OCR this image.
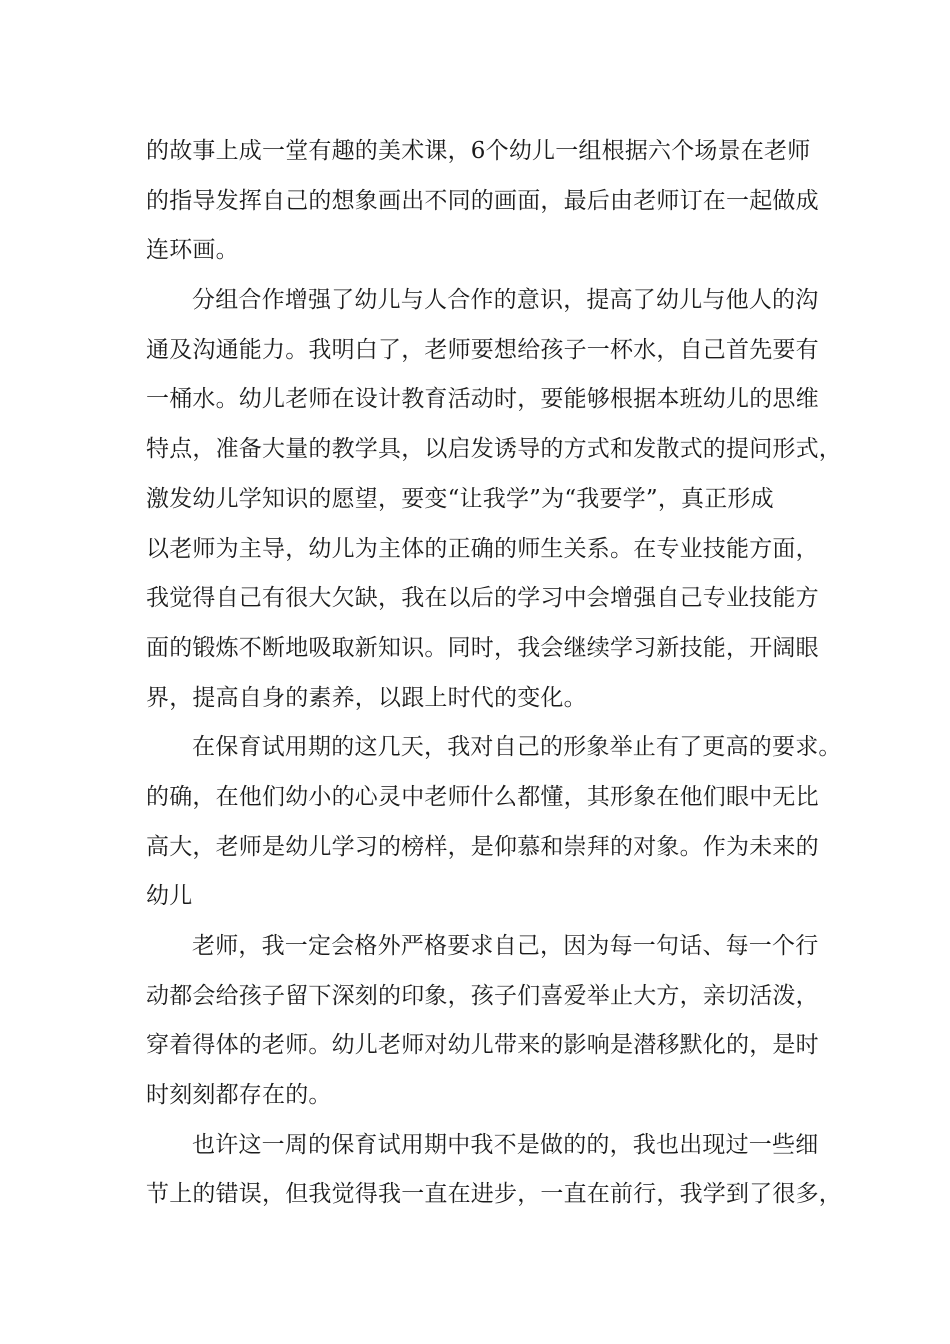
的故事上成一堂有趣的美术课，6个幼儿一组根据六个场景在老师
的指导发挥自己的想象画出不同的画面，最后由老师订在一起做成
连环画。
分组合作增强了幼儿与人合作的意识，提高了幼儿与他人的沟
通及沟通能力。我明白了，老师要想给孩子一杯水，自己首先要有
一桶水。幼儿老师在设计教育活动时，要能够根据本班幼儿的思维
特点，准备大量的教学具，以启发诱导的方式和发散式的提问形式，
激发幼儿学知识的愿望，要变“让我学”为“我要学”，真正形成
以老师为主导，幼儿为主体的正确的师生关系。在专业技能方面，
我觉得自己有很大欠缺，我在以后的学习中会增强自己专业技能方
面的锻炼不断地吸取新知识。同时，我会继续学习新技能，开阔眼
界，提高自身的素养，以跟上时代的变化。
在保育试用期的这几天，我对自己的形象举止有了更高的要求。
的确，在他们幼小的心灵中老师什么都懂，其形象在他们眼中无比
高大，老师是幼儿学习的榜样，是仰慕和崇拜的对象。作为未来的
幼儿
老师，我一定会格外严格要求自己，因为每一句话、每一个行
动都会给孩子留下深刻的印象，孩子们喜爱举止大方，亲切活泼，
穿着得体的老师。幼儿老师对幼儿带来的影响是潜移默化的，是时
时刻刻都存在的。
也许这一周的保育试用期中我不是做的的，我也出现过一些细
节上的错误，但我觉得我一直在进步，一直在前行，我学到了很多，
